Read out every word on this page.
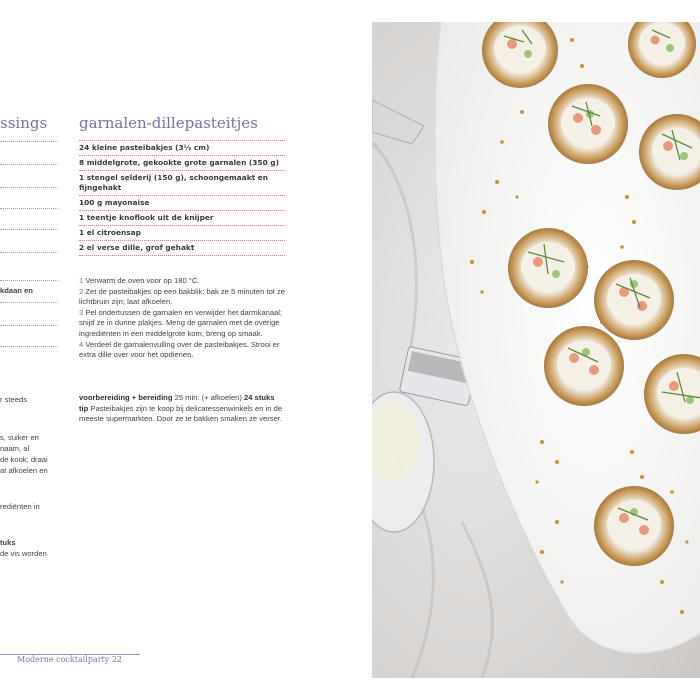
ssings
kdaan en
r steeds
s, suiker en
naam, al
de kook; draai
at afkoelen en
rediënten in
tuks
de vis worden
garnalen-dillepasteitjes
24 kleine pasteibakjes (3½ cm)
8 middelgrote, gekookte grote garnalen (350 g)
1 stengel selderij (150 g), schoongemaakt en fijngehakt
100 g mayonaise
1 teentje knoflook uit de knijper
1 el citroensap
2 el verse dille, grof gehakt

1 Verwarm de oven voor op 180 °C.

2 Zet de pasteibakjes op een bakblik; bak ze 5 minuten tot ze lichtbruin zijn; laat afkoelen.

3 Pel ondertussen de garnalen en verwijder het darmkanaal; snijd ze in dunne plakjes. Meng de garnalen met de overige ingrediënten in een middelgrote kom; breng op smaak.

4 Verdeel de garnalenvulling over de pasteibakjes. Strooi er extra dille over voor het opdienen.

voorbereiding + bereiding 25 min. (+ afkoelen) 24 stuks

tip Pasteibakjes zijn te koop bij delicatessenwinkels en in de meeste supermarkten. Door ze te bakken smaken ze verser.

Moderne cocktailparty 22
